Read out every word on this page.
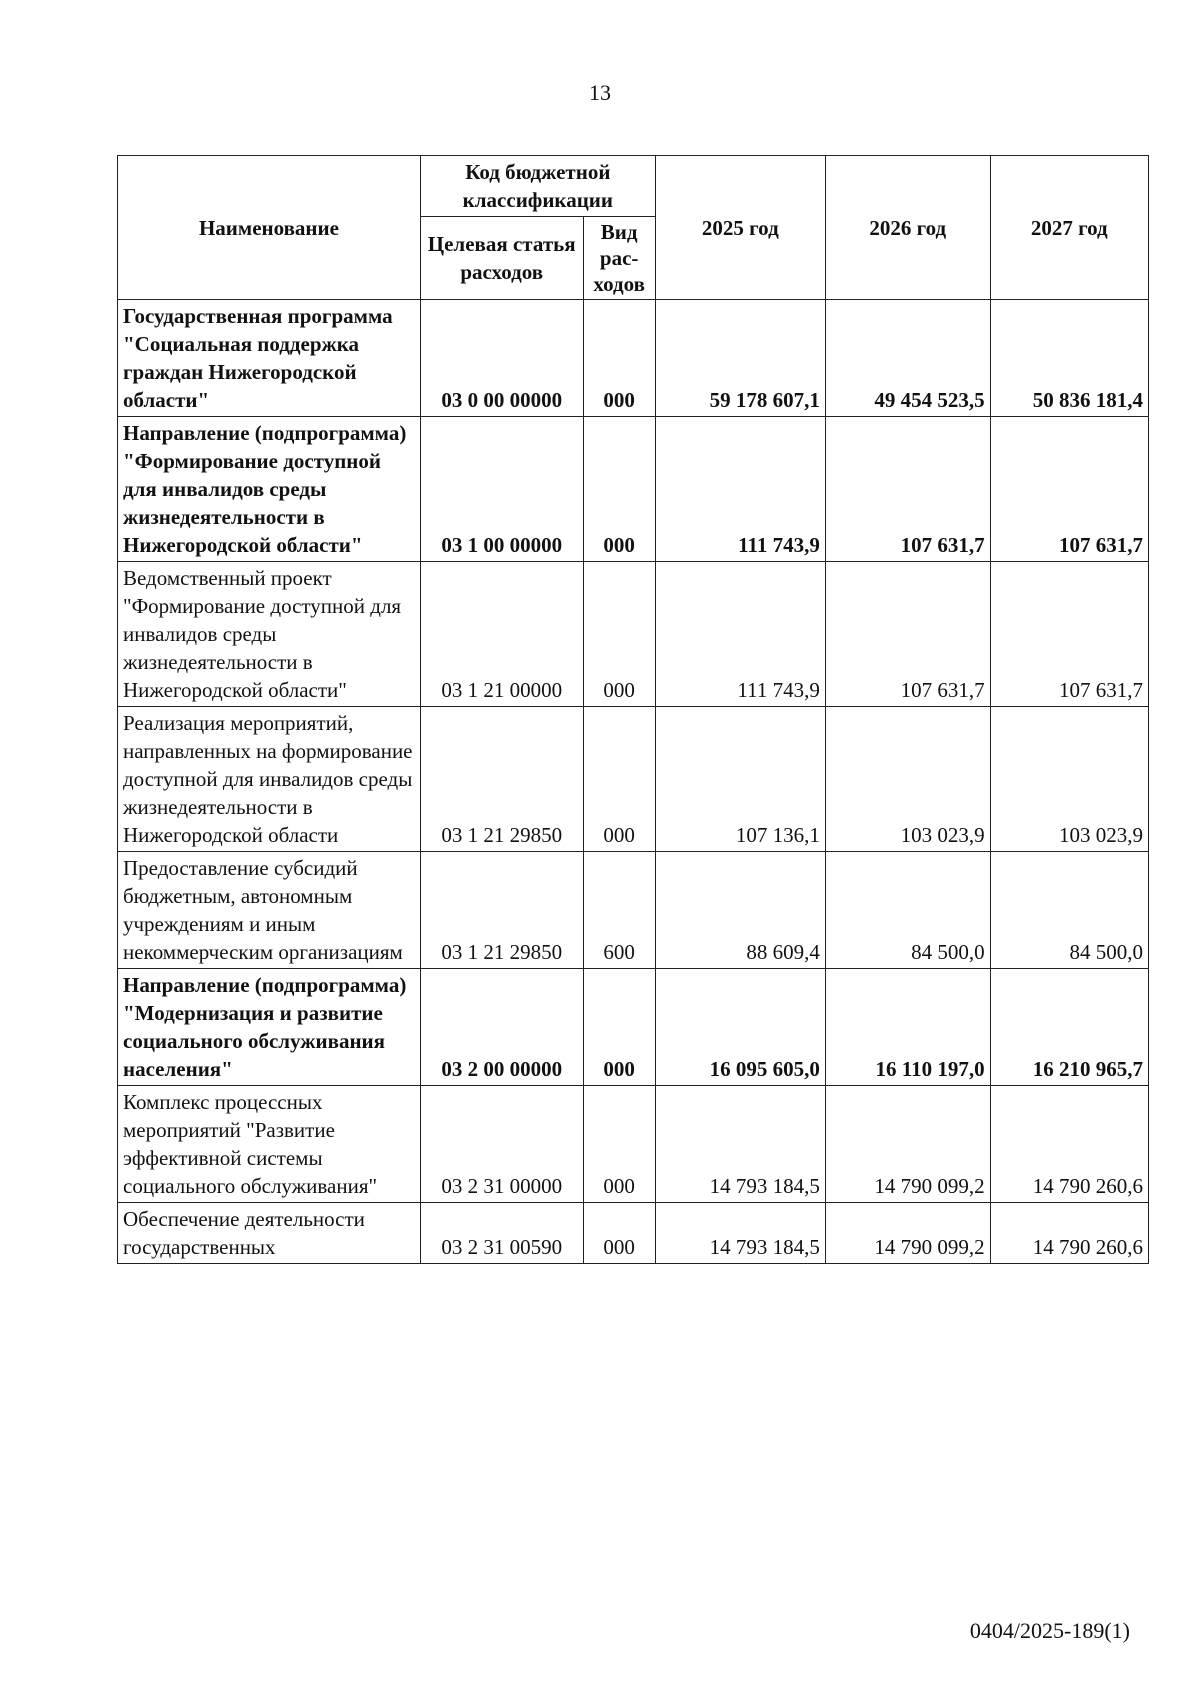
13
Наименование	Код бюджетной классификации		2025 год	2026 год	2027 год
	Целевая статья расходов	Вид рас-ходов			
Государственная программа "Социальная поддержка граждан Нижегородской области"	03 0 00 00000	000	59 178 607,1	49 454 523,5	50 836 181,4
Направление (подпрограмма) "Формирование доступной для инвалидов среды жизнедеятельности в Нижегородской области"	03 1 00 00000	000	111 743,9	107 631,7	107 631,7
Ведомственный проект "Формирование доступной для инвалидов среды жизнедеятельности в Нижегородской области"	03 1 21 00000	000	111 743,9	107 631,7	107 631,7
Реализация мероприятий, направленных на формирование доступной для инвалидов среды жизнедеятельности в Нижегородской области	03 1 21 29850	000	107 136,1	103 023,9	103 023,9
Предоставление субсидий бюджетным, автономным учреждениям и иным некоммерческим организациям	03 1 21 29850	600	88 609,4	84 500,0	84 500,0
Направление (подпрограмма) "Модернизация и развитие социального обслуживания населения"	03 2 00 00000	000	16 095 605,0	16 110 197,0	16 210 965,7
Комплекс процессных мероприятий "Развитие эффективной системы социального обслуживания"	03 2 31 00000	000	14 793 184,5	14 790 099,2	14 790 260,6
Обеспечение деятельности государственных	03 2 31 00590	000	14 793 184,5	14 790 099,2	14 790 260,6
0404/2025-189(1)
